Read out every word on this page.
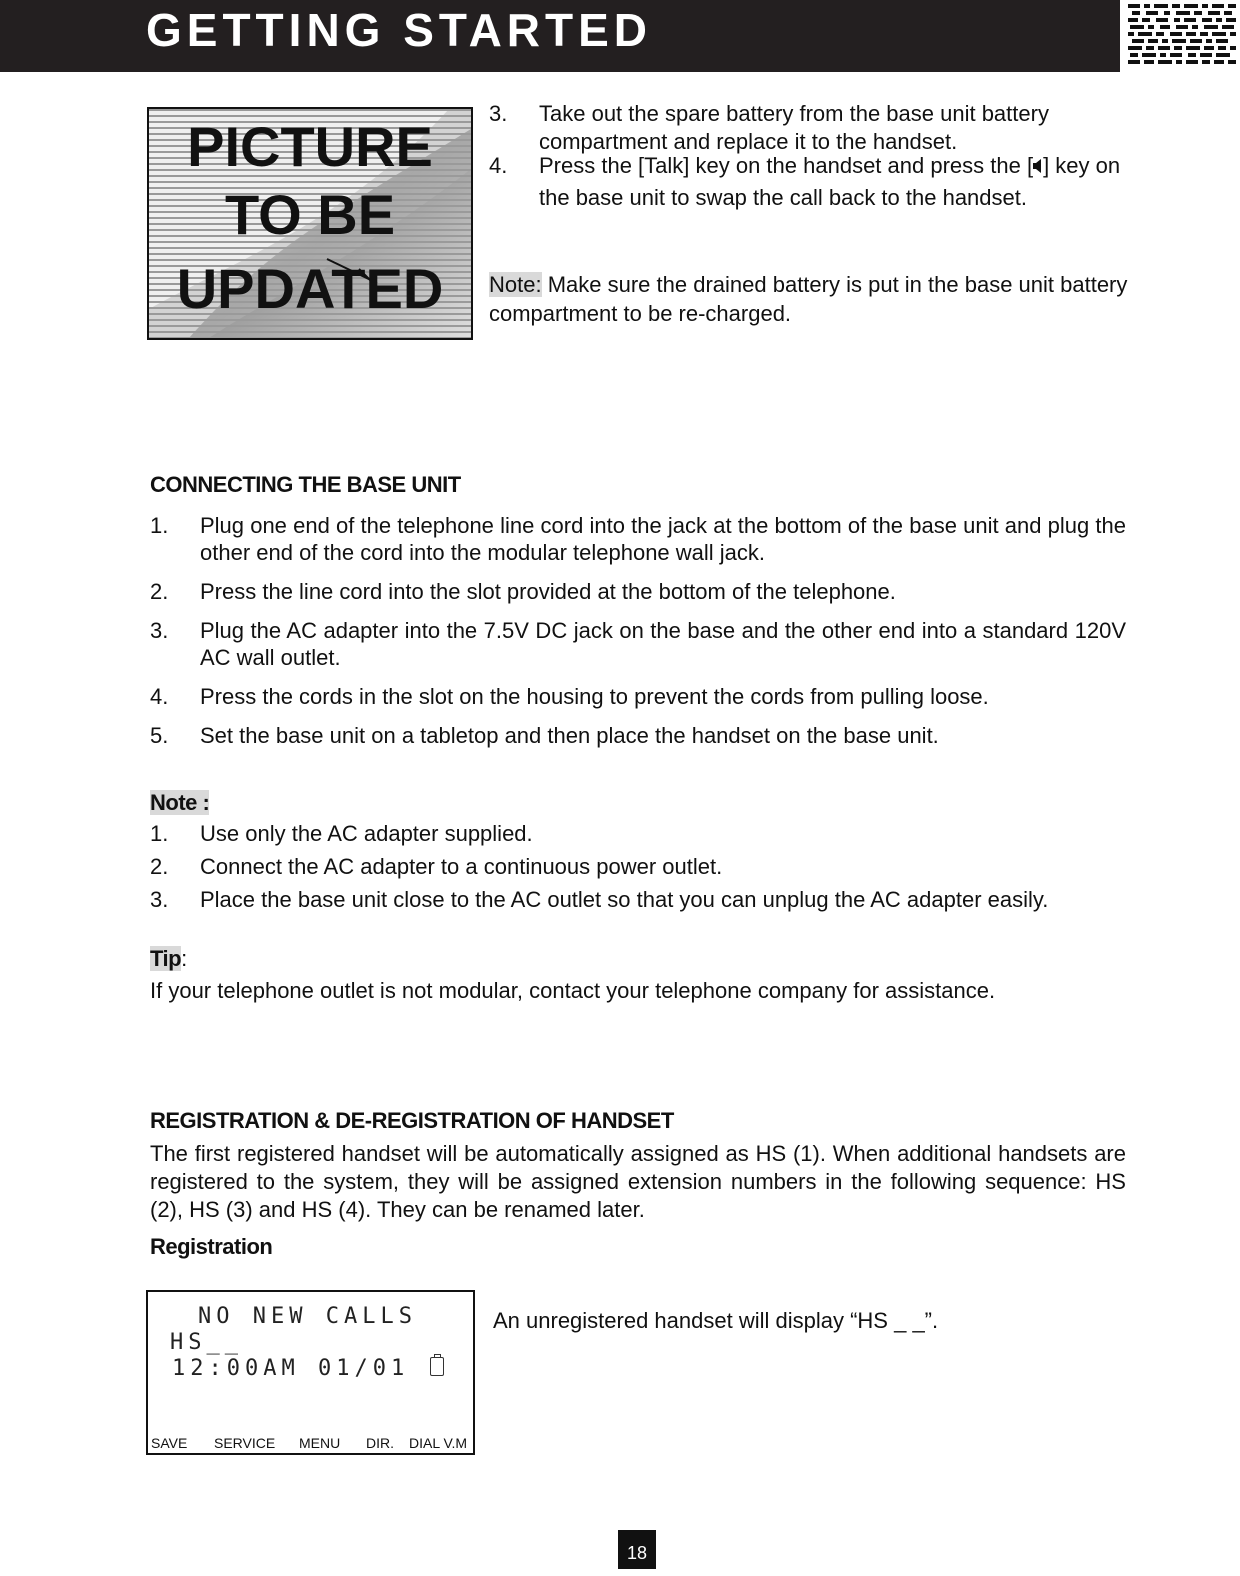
GETTING STARTED
PICTURE
TO BE
UPDATED
3. Take out the spare battery from the base unit battery compartment and replace it to the handset.
4. Press the [Talk] key on the handset and press the [ ] key on the base unit to swap the call back to the handset.
Note: Make sure the drained battery is put in the base unit battery compartment to be re-charged.
CONNECTING THE BASE UNIT
1. Plug one end of the telephone line cord into the jack at the bottom of the base unit and plug the other end of the cord into the modular telephone wall jack.
2. Press the line cord into the slot provided at the bottom of the telephone.
3. Plug the AC adapter into the 7.5V DC jack on the base and the other end into a standard 120V AC wall outlet.
4. Press the cords in the slot on the housing to prevent the cords from pulling loose.
5. Set the base unit on a tabletop and then place the handset on the base unit.
Note :
1. Use only the AC adapter supplied.
2. Connect the AC adapter to a continuous power outlet.
3. Place the base unit close to the AC outlet so that you can unplug the AC adapter easily.
Tip:
If your telephone outlet is not modular, contact your telephone company for assistance.
REGISTRATION & DE-REGISTRATION OF HANDSET
The first registered handset will be automatically assigned as HS (1). When additional handsets are registered to the system, they will be assigned extension numbers in the following sequence: HS (2), HS (3) and HS (4). They can be renamed later.
Registration
NO NEW CALLS
HS__
12:00AM 01/01
SAVE SERVICE MENU DIR. DIAL V.M
An unregistered handset will display “HS _ _”.
18
